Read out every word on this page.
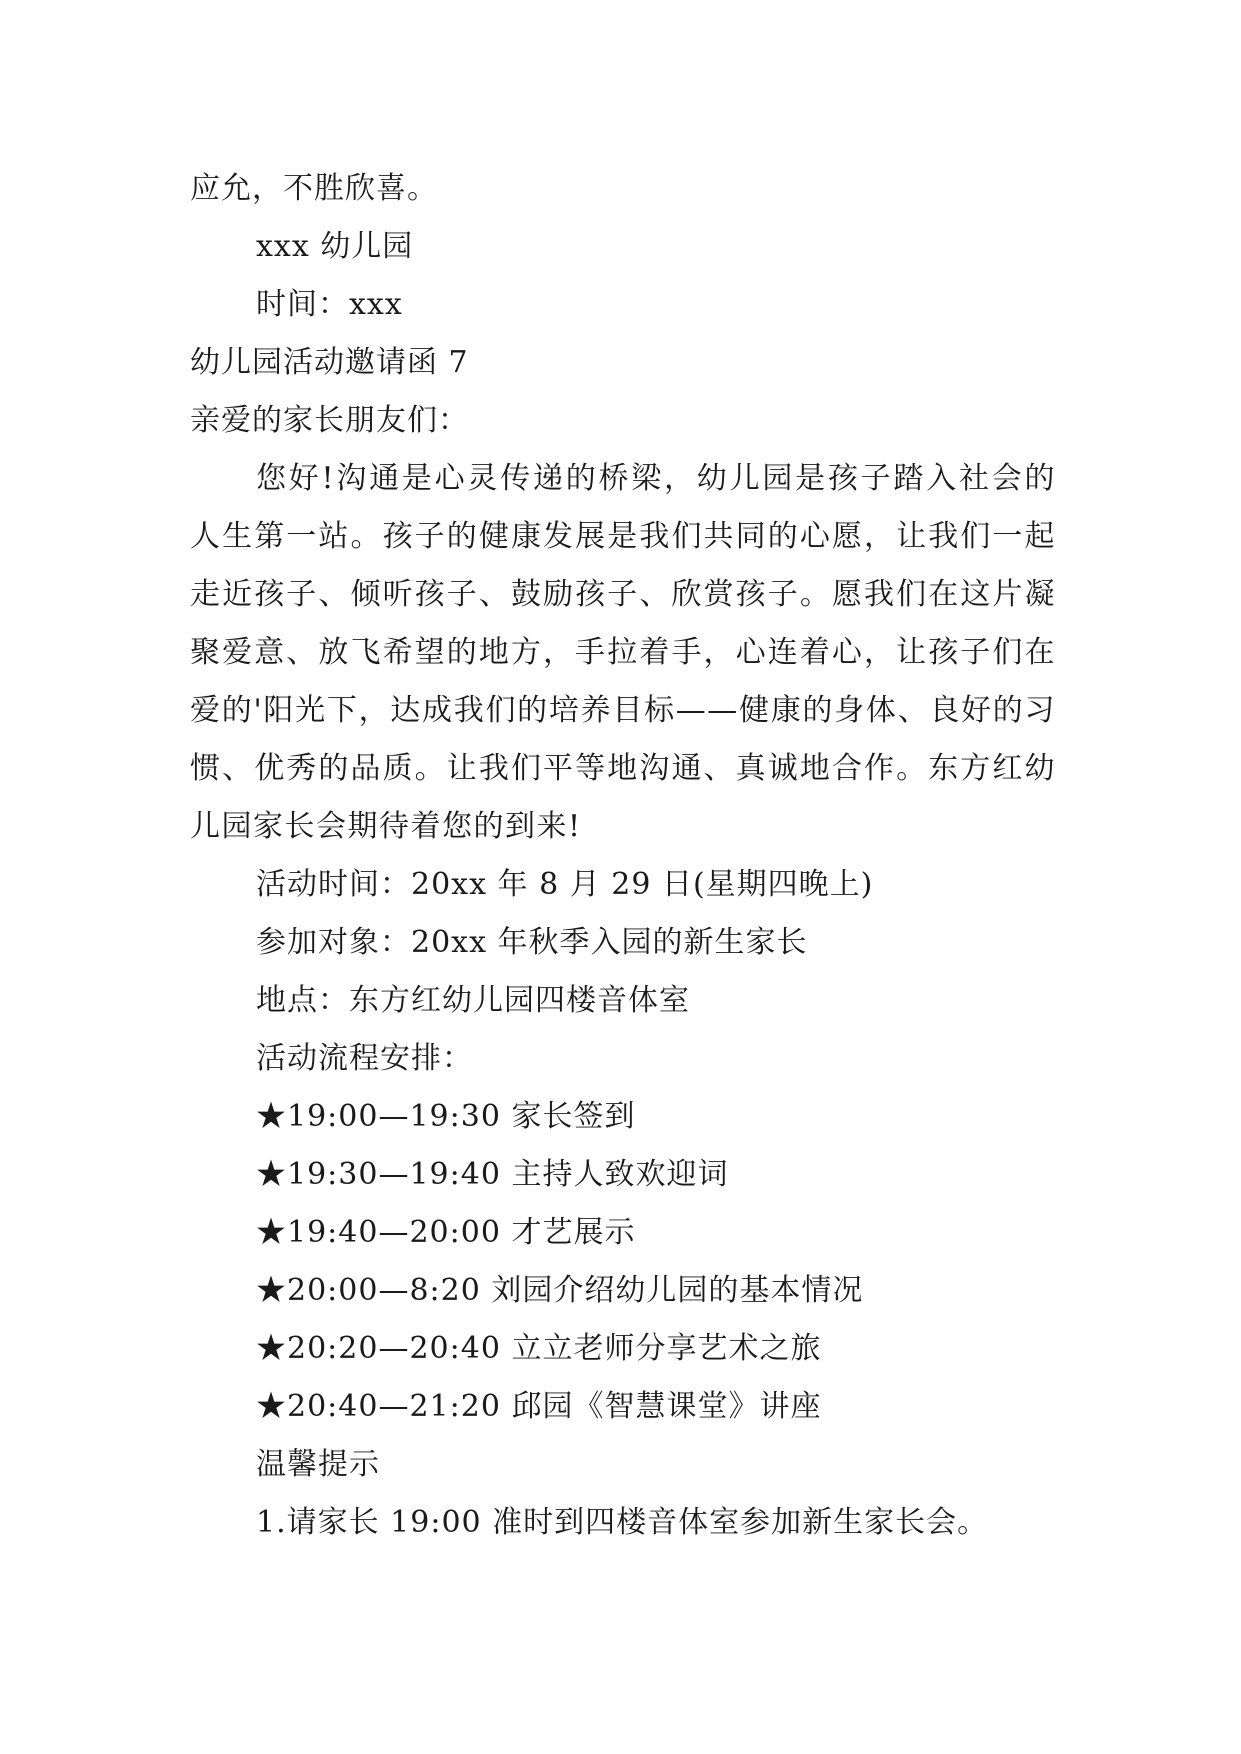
应允，不胜欣喜。
xxx 幼儿园
时间：xxx
幼儿园活动邀请函 7
亲爱的家长朋友们：

您好!沟通是心灵传递的桥梁，幼儿园是孩子踏入社会的人生第一站。孩子的健康发展是我们共同的心愿，让我们一起走近孩子、倾听孩子、鼓励孩子、欣赏孩子。愿我们在这片凝聚爱意、放飞希望的地方，手拉着手，心连着心，让孩子们在爱的'阳光下，达成我们的培养目标——健康的身体、良好的习惯、优秀的品质。让我们平等地沟通、真诚地合作。东方红幼儿园家长会期待着您的到来!

活动时间：20xx 年 8 月 29 日(星期四晚上)
参加对象：20xx 年秋季入园的新生家长
地点：东方红幼儿园四楼音体室
活动流程安排：
★19:00—19:30 家长签到
★19:30—19:40 主持人致欢迎词
★19:40—20:00 才艺展示
★20:00—8:20 刘园介绍幼儿园的基本情况
★20:20—20:40 立立老师分享艺术之旅
★20:40—21:20 邱园《智慧课堂》讲座
温馨提示
1.请家长 19:00 准时到四楼音体室参加新生家长会。
